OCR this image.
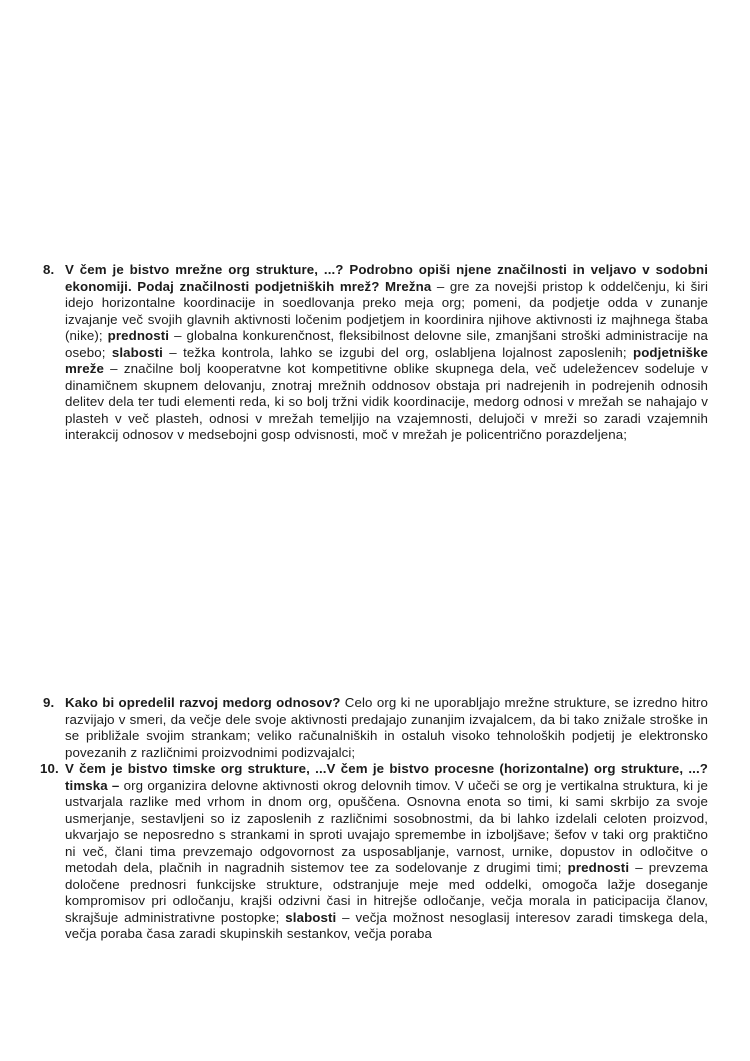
8. V čem je bistvo mrežne org strukture, ...? Podrobno opiši njene značilnosti in veljavo v sodobni ekonomiji. Podaj značilnosti podjetniških mrež? Mrežna – gre za novejši pristop k oddelčenju, ki širi idejo horizontalne koordinacije in soedlovanja preko meja org; pomeni, da podjetje odda v zunanje izvajanje več svojih glavnih aktivnosti ločenim podjetjem in koordinira njihove aktivnosti iz majhnega štaba (nike); prednosti – globalna konkurenčnost, fleksibilnost delovne sile, zmanjšani stroški administracije na osebo; slabosti – težka kontrola, lahko se izgubi del org, oslabljena lojalnost zaposlenih; podjetniške mreže – značilne bolj kooperatvne kot kompetitivne oblike skupnega dela, več udeležencev sodeluje v dinamičnem skupnem delovanju, znotraj mrežnih oddnosov obstaja pri nadrejenih in podrejenih odnosih delitev dela ter tudi elementi reda, ki so bolj tržni vidik koordinacije, medorg odnosi v mrežah se nahajajo v plasteh v več plasteh, odnosi v mrežah temeljijo na vzajemnosti, delujoči v mreži so zaradi vzajemnih interakcij odnosov v medsebojni gosp odvisnosti, moč v mrežah je policentrično porazdeljena;
9. Kako bi opredelil razvoj medorg odnosov? Celo org ki ne uporabljajo mrežne strukture, se izredno hitro razvijajo v smeri, da večje dele svoje aktivnosti predajajo zunanjim izvajalcem, da bi tako znižale stroške in se približale svojim strankam; veliko računalniških in ostaluh visoko tehnoloških podjetij je elektronsko povezanih z različnimi proizvodnimi podizvajalci;
10. V čem je bistvo timske org strukture, ...V čem je bistvo procesne (horizontalne) org strukture, ...? timska – org organizira delovne aktivnosti okrog delovnih timov. V učeči se org je vertikalna struktura, ki je ustvarjala razlike med vrhom in dnom org, opuščena. Osnovna enota so timi, ki sami skrbijo za svoje usmerjanje, sestavljeni so iz zaposlenih z različnimi sosobnostmi, da bi lahko izdelali celoten proizvod, ukvarjajo se neposredno s strankami in sproti uvajajo spremembe in izboljšave; šefov v taki org praktično ni več, člani tima prevzemajo odgovornost za usposabljanje, varnost, urnike, dopustov in odločitve o metodah dela, plačnih in nagradnih sistemov tee za sodelovanje z drugimi timi; prednosti – prevzema določene prednosri funkcijske strukture, odstranjuje meje med oddelki, omogoča lažje doseganje kompromisov pri odločanju, krajši odzivni časi in hitrejše odločanje, večja morala in paticipacija članov, skrajšuje administrativne postopke; slabosti – večja možnost nesoglasij interesov zaradi timskega dela, večja poraba časa zaradi skupinskih sestankov, večja poraba
